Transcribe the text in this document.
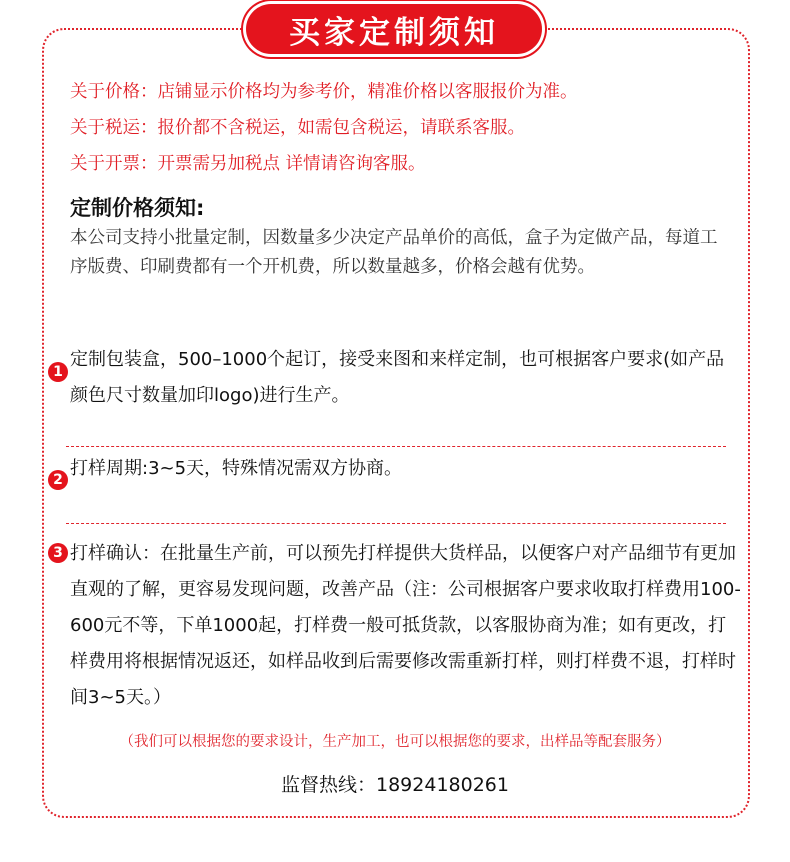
买家定制须知
关于价格：店铺显示价格均为参考价，精准价格以客服报价为准。
关于税运：报价都不含税运，如需包含税运，请联系客服。
关于开票：开票需另加税点 详情请咨询客服。
定制价格须知:
本公司支持小批量定制，因数量多少决定产品单价的高低，盒子为定做产品，每道工序版费、印刷费都有一个开机费，所以数量越多，价格会越有优势。
1
定制包装盒，500–1000个起订，接受来图和来样定制，也可根据客户要求(如产品颜色尺寸数量加印logo)进行生产。
2
打样周期:3~5天，特殊情况需双方协商。
3 打样确认：在批量生产前，可以预先打样提供大货样品，以便客户对产品细节有更加直观的了解，更容易发现问题，改善产品（注：公司根据客户要求收取打样费用100-600元不等，下单1000起，打样费一般可抵货款，以客服协商为准；如有更改，打样费用将根据情况返还，如样品收到后需要修改需重新打样，则打样费不退，打样时间3~5天。）
（我们可以根据您的要求设计，生产加工，也可以根据您的要求，出样品等配套服务）
监督热线：18924180261
